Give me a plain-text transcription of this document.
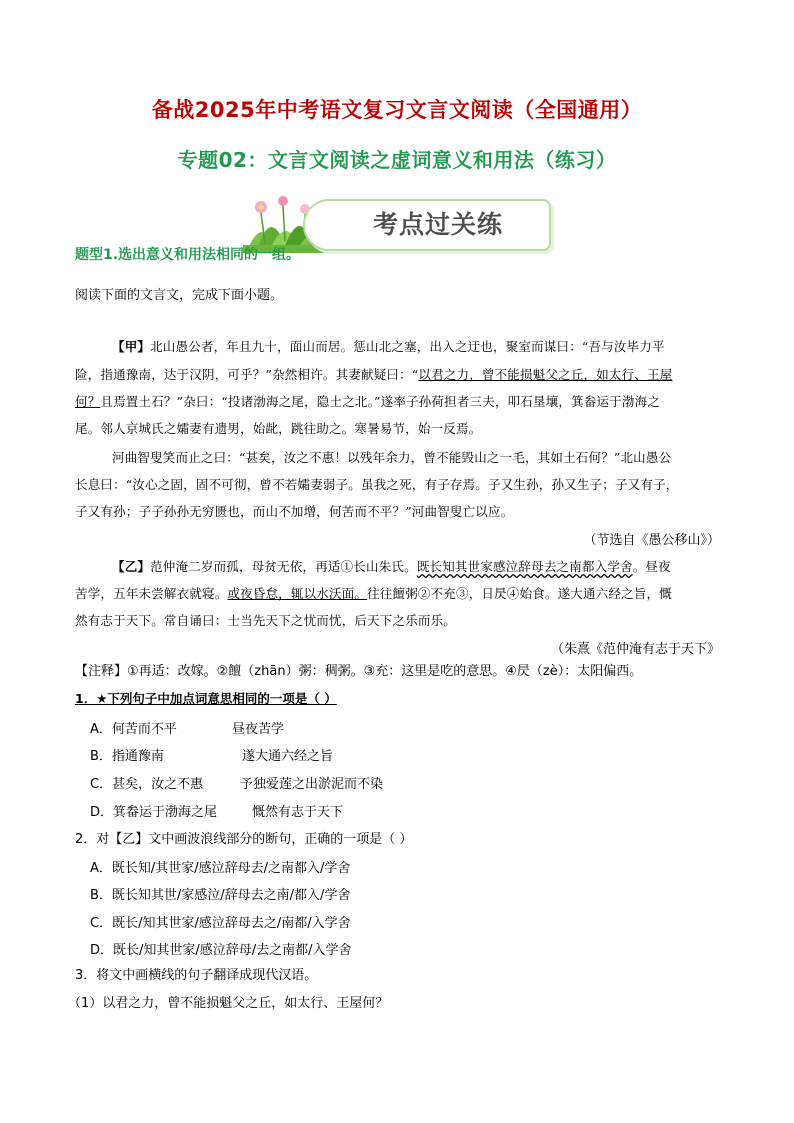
备战2025年中考语文复习文言文阅读（全国通用）
专题02：文言文阅读之虚词意义和用法（练习）
考点过关练
题型1.选出意义和用法相同的一组。
阅读下面的文言文，完成下面小题。
【甲】北山愚公者，年且九十，面山而居。惩山北之塞，出入之迂也，聚室而谋曰：“吾与汝毕力平
险，指通豫南，达于汉阴，可乎？”杂然相许。其妻献疑曰：“以君之力，曾不能损魁父之丘，如太行、王屋
何？且焉置土石？”杂曰：“投诸渤海之尾，隐土之北。”遂率子孙荷担者三夫，叩石垦壤，箕畚运于渤海之
尾。邻人京城氏之孀妻有遗男，始龀，跳往助之。寒暑易节，始一反焉。
河曲智叟笑而止之曰：“甚矣，汝之不惠！以残年余力，曾不能毁山之一毛，其如土石何？”北山愚公
长息曰：“汝心之固，固不可彻，曾不若孀妻弱子。虽我之死，有子存焉。子又生孙，孙又生子；子又有子，
子又有孙；子子孙孙无穷匮也，而山不加增，何苦而不平？”河曲智叟亡以应。
（节选自《愚公移山》）
【乙】范仲淹二岁而孤，母贫无依，再适①长山朱氏。既长知其世家感泣辞母去之南都入学舍。昼夜
苦学，五年未尝解衣就寝。或夜昏怠，辄以水沃面。往往饘粥②不充③，日昃④始食。遂大通六经之旨，慨
然有志于天下。常自诵曰：士当先天下之忧而忧，后天下之乐而乐。
（朱熹《范仲淹有志于天下》
【注释】①再适：改嫁。②饘（zhān）粥：稠粥。③充：这里是吃的意思。④昃（zè）：太阳偏西。
1．★下列句子中加点词意思相同的一项是（ ）
A．何苦而不平	昼夜苦学
B．指通豫南	遂大通六经之旨
C．甚矣，汝之不惠	予独爱莲之出淤泥而不染
D．箕畚运于渤海之尾	慨然有志于天下
2．对【乙】文中画波浪线部分的断句，正确的一项是（ ）
A．既长知/其世家/感泣辞母去/之南都入/学舍
B．既长知其世/家感泣/辞母去之南/都入/学舍
C．既长/知其世家/感泣辞母去之/南都/入学舍
D．既长/知其世家/感泣辞母/去之南都/入学舍
3．将文中画横线的句子翻译成现代汉语。
（1）以君之力，曾不能损魁父之丘，如太行、王屋何？
